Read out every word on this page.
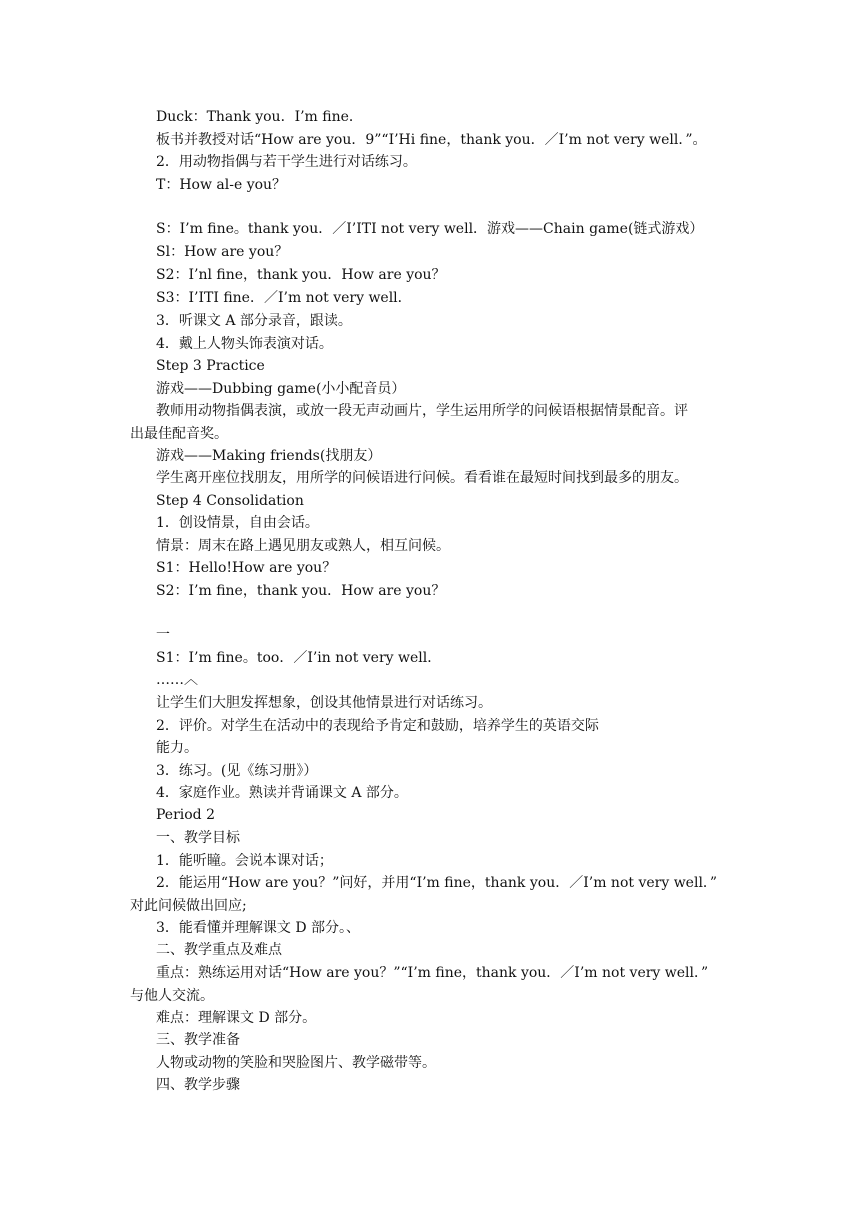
Duck：Thank you．I’m fine．
板书并教授对话“How are you．9”“I’Hi fine，thank you．／I’m not very well．”。
2．用动物指偶与若干学生进行对话练习。
T：How al-e you？
S：I’m fine。thank you．／I’ITI not very well．游戏——Chain game(链式游戏）
Sl：How are you？
S2：I’nl fine，thank you．How are you？
S3：I’ITI fine．／I’m not very well．
3．听课文 A 部分录音，跟读。
4．戴上人物头饰表演对话。
Step 3 Practice
游戏——Dubbing game(小小配音员）
教师用动物指偶表演，或放一段无声动画片，学生运用所学的问候语根据情景配音。评
出最佳配音奖。
游戏——Making friends(找朋友）
学生离开座位找朋友，用所学的问候语进行问候。看看谁在最短时间找到最多的朋友。
Step 4 Consolidation
1．创设情景，自由会话。
情景：周末在路上遇见朋友或熟人，相互问候。
S1：Hello!How are you？
S2：I’m fine，thank you．How are you？
一
S1：I’m fine。too．／I’in not very well．
……︿
让学生们大胆发挥想象，创设其他情景进行对话练习。
2．评价。对学生在活动中的表现给予肯定和鼓励，培养学生的英语交际
能力。
3．练习。(见《练习册》）
4．家庭作业。熟读并背诵课文 A 部分。
Period 2
一、教学目标
1．能听瞳。会说本课对话；
2．能运用“How are you？”问好，并用“I’m fine，thank you．／I’m not very well．”
对此问候做出回应;
3．能看懂并理解课文 D 部分。、
二、教学重点及难点
重点：熟练运用对话“How are you？”“I’m fine，thank you．／I’m not very well．”
与他人交流。
难点：理解课文 D 部分。
三、教学准备
人物或动物的笑脸和哭脸图片、教学磁带等。
四、教学步骤
